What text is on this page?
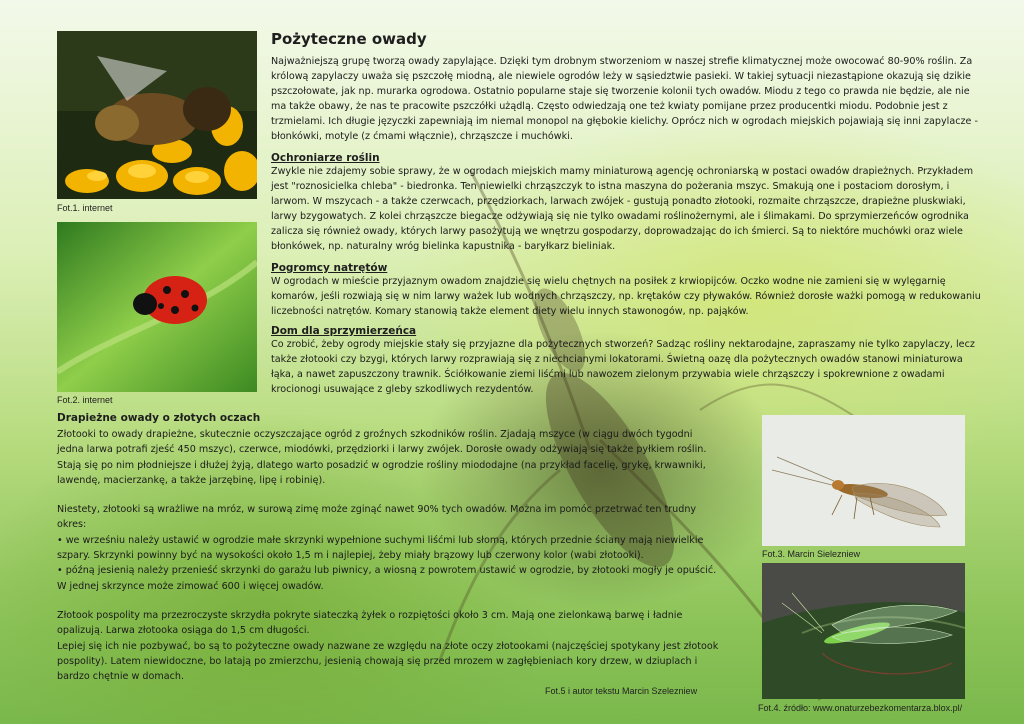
Fot.1. internet
Fot.2. internet
Pożyteczne owady

Najważniejszą grupę tworzą owady zapylające. Dzięki tym drobnym stworzeniom w naszej strefie klimatycznej może owocować 80-90% roślin. Za królową zapylaczy uważa się pszczołę miodną, ale niewiele ogrodów leży w sąsiedztwie pasieki. W takiej sytuacji niezastąpione okazują się dzikie pszczołowate, jak np. murarka ogrodowa. Ostatnio popularne staje się tworzenie kolonii tych owadów. Miodu z tego co prawda nie będzie, ale nie ma także obawy, że nas te pracowite pszczółki użądlą. Często odwiedzają one też kwiaty pomijane przez producentki miodu. Podobnie jest z trzmielami. Ich długie języczki zapewniają im niemal monopol na głębokie kielichy. Oprócz nich w ogrodach miejskich pojawiają się inni zapylacze - błonkówki, motyle (z ćmami włącznie), chrząszcze i muchówki.

Ochroniarze roślin

Zwykle nie zdajemy sobie sprawy, że w ogrodach miejskich mamy miniaturową agencję ochroniarską w postaci owadów drapieżnych. Przykładem jest "roznosicielka chleba" - biedronka. Ten niewielki chrząszczyk to istna maszyna do pożerania mszyc. Smakują one i postaciom dorosłym, i larwom. W mszycach - a także czerwcach, przędziorkach, larwach zwójek - gustują ponadto złotooki, rozmaite chrząszcze, drapieżne pluskwiaki, larwy bzygowatych. Z kolei chrząszcze biegacze odżywiają się nie tylko owadami roślinożernymi, ale i ślimakami. Do sprzymierzeńców ogrodnika zalicza się również owady, których larwy pasożytują we wnętrzu gospodarzy, doprowadzając do ich śmierci. Są to niektóre muchówki oraz wiele błonkówek, np. naturalny wróg bielinka kapustnika - baryłkarz bieliniak.

Pogromcy natrętów

W ogrodach w mieście przyjaznym owadom znajdzie się wielu chętnych na posiłek z krwiopijców. Oczko wodne nie zamieni się w wylęgarnię komarów, jeśli rozwiają się w nim larwy ważek lub wodnych chrząszczy, np. krętaków czy pływaków. Również dorosłe ważki pomogą w redukowaniu liczebności natrętów. Komary stanowią także element diety wielu innych stawonogów, np. pająków.

Dom dla sprzymierzeńca

Co zrobić, żeby ogrody miejskie stały się przyjazne dla pożytecznych stworzeń? Sadząc rośliny nektarodajne, zapraszamy nie tylko zapylaczy, lecz także złotooki czy bzygi, których larwy rozprawiają się z niechcianymi lokatorami. Świetną oazę dla pożytecznych owadów stanowi miniaturowa łąka, a nawet zapuszczony trawnik. Ściółkowanie ziemi liśćmi lub nawozem zielonym przywabia wiele chrząszczy i spokrewnione z owadami krocionogi usuwające z gleby szkodliwych rezydentów.

Drapieżne owady o złotych oczach

Złotooki to owady drapieżne, skutecznie oczyszczające ogród z groźnych szkodników roślin. Zjadają mszyce (w ciągu dwóch tygodni jedna larwa potrafi zjeść 450 mszyc), czerwce, miodówki, przędziorki i larwy zwójek. Dorosłe owady odżywiają się także pyłkiem roślin. Stają się po nim płodniejsze i dłużej żyją, dlatego warto posadzić w ogrodzie rośliny miododajne (na przykład facelię, grykę, krwawniki, lawendę, macierzankę, a także jarzębinę, lipę i robinię).

Niestety, złotooki są wrażliwe na mróz, w surową zimę może zginąć nawet 90% tych owadów. Można im pomóc przetrwać ten trudny okres:
• we wrześniu należy ustawić w ogrodzie małe skrzynki wypełnione suchymi liśćmi lub słomą, których przednie ściany mają niewielkie szpary. Skrzynki powinny być na wysokości około 1,5 m i najlepiej, żeby miały brązowy lub czerwony kolor (wabi złotooki).
• późną jesienią należy przenieść skrzynki do garażu lub piwnicy, a wiosną z powrotem ustawić w ogrodzie, by złotooki mogły je opuścić. W jednej skrzynce może zimować 600 i więcej owadów.

Złotook pospolity ma przezroczyste skrzydła pokryte siateczką żyłek o rozpiętości około 3 cm. Mają one zielonkawą barwę i ładnie opalizują. Larwa złotooka osiąga do 1,5 cm długości.
Lepiej się ich nie pozbywać, bo są to pożyteczne owady nazwane ze względu na złote oczy złotookami (najczęściej spotykany jest złotook pospolity). Latem niewidoczne, bo latają po zmierzchu, jesienią chowają się przed mrozem w zagłębieniach kory drzew, w dziuplach i bardzo chętnie w domach.

Fot.5 i autor tekstu Marcin Szelezniew
Fot.3. Marcin Sielezniew
Fot.4. źródło: www.onaturzebezkomentarza.blox.pl/
